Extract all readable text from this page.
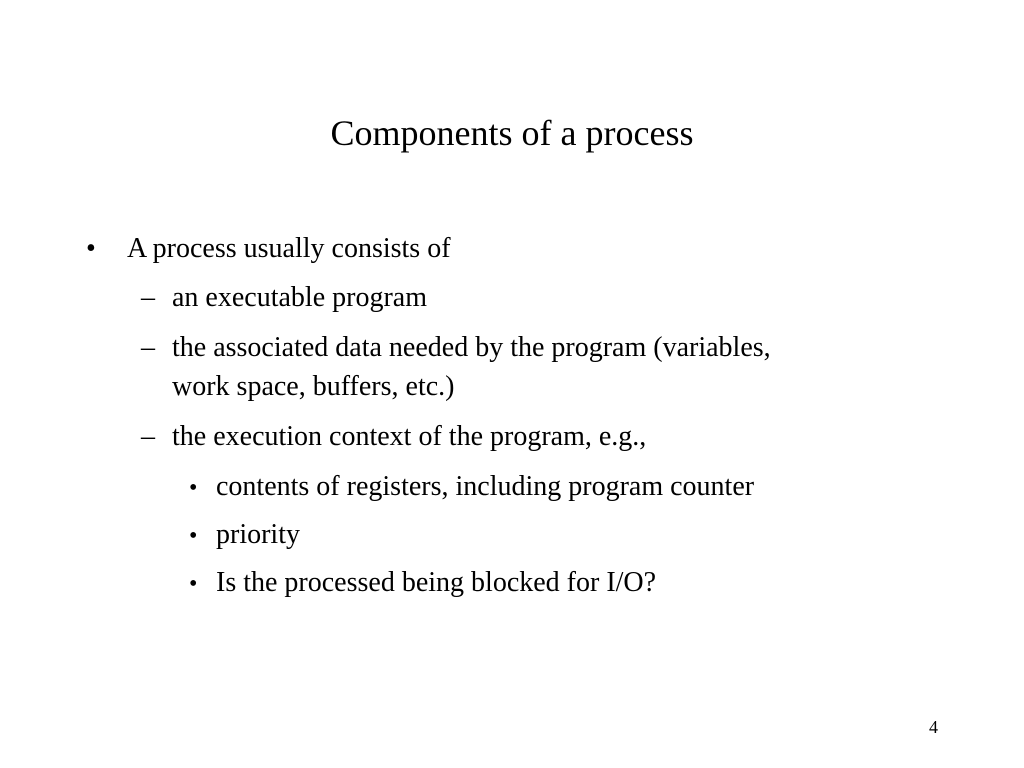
Components of a process
• A process usually consists of
– an executable program
– the associated data needed by the program (variables,
work space, buffers, etc.)
– the execution context of the program, e.g.,
• contents of registers, including program counter
• priority
• Is the processed being blocked for I/O?
4
